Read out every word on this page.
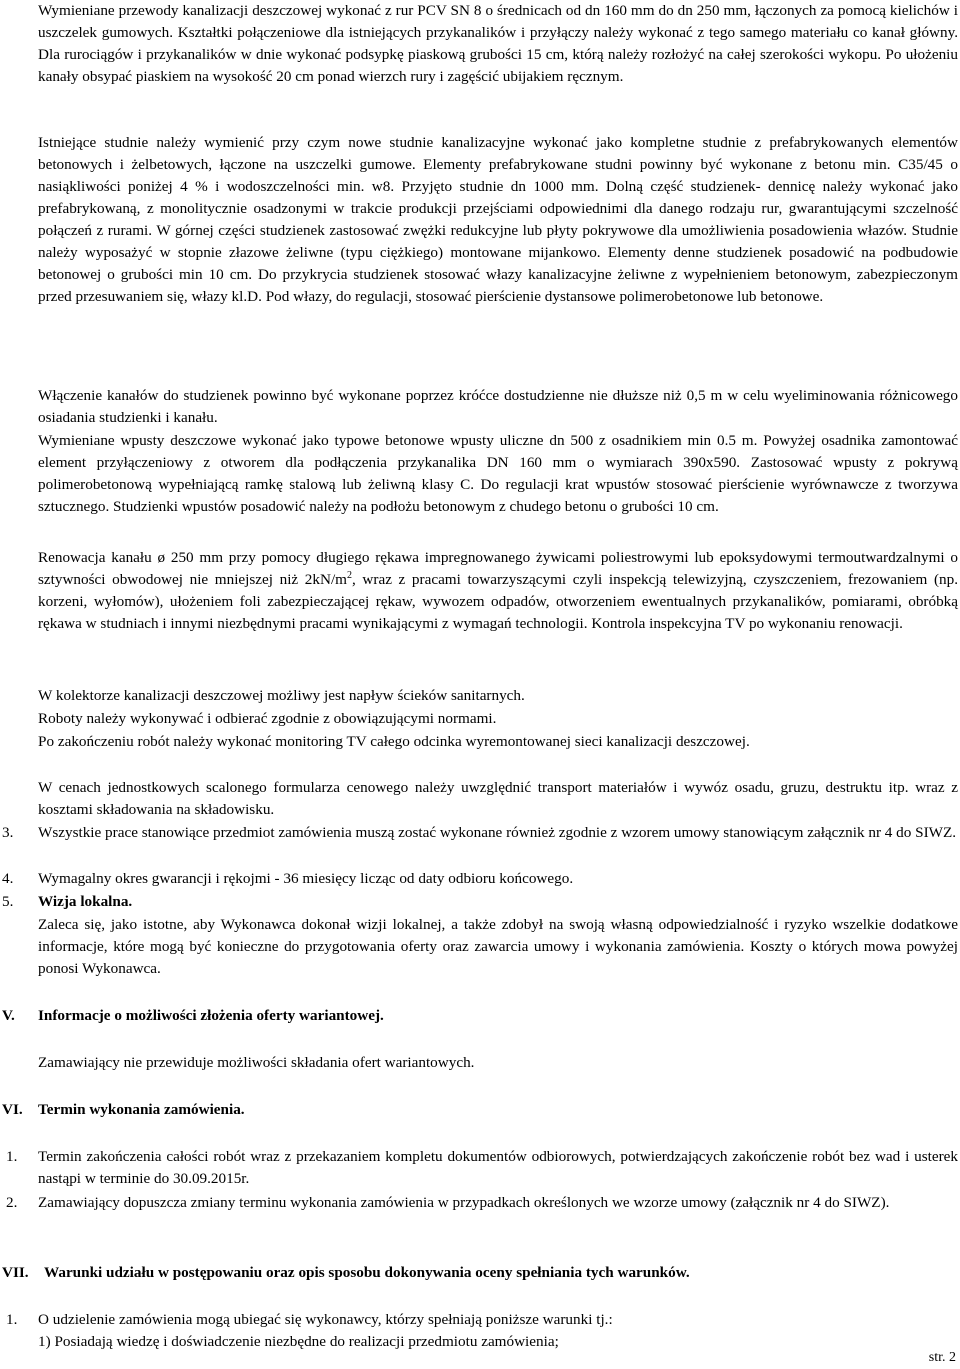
Wymieniane przewody kanalizacji deszczowej wykonać z rur PCV SN 8 o średnicach od dn 160 mm do dn 250 mm, łączonych za pomocą kielichów i uszczelek gumowych. Kształtki połączeniowe dla istniejących przykanalików i przyłączy należy wykonać z tego samego materiału co kanał główny. Dla rurociągów i przykanalików w dnie wykonać podsypkę piaskową grubości 15 cm, którą należy rozłożyć na całej szerokości wykopu. Po ułożeniu kanały obsypać piaskiem na wysokość 20 cm ponad wierzch rury i zagęścić ubijakiem ręcznym.

Istniejące studnie należy wymienić przy czym nowe studnie kanalizacyjne wykonać jako kompletne studnie z prefabrykowanych elementów betonowych i żelbetowych, łączone na uszczelki gumowe. Elementy prefabrykowane studni powinny być wykonane z betonu min. C35/45 o nasiąkliwości poniżej 4 % i wodoszczelności min. w8. Przyjęto studnie dn 1000 mm. Dolną część studzienek- dennicę należy wykonać jako prefabrykowaną, z monolitycznie osadzonymi w trakcie produkcji przejściami odpowiednimi dla danego rodzaju rur, gwarantującymi szczelność połączeń z rurami. W górnej części studzienek zastosować zwężki redukcyjne lub płyty pokrywowe dla umożliwienia posadowienia włazów. Studnie należy wyposażyć w stopnie złazowe żeliwne (typu ciężkiego) montowane mijankowo. Elementy denne studzienek posadowić na podbudowie betonowej o grubości min 10 cm. Do przykrycia studzienek stosować włazy kanalizacyjne żeliwne z wypełnieniem betonowym, zabezpieczonym przed przesuwaniem się, włazy kl.D. Pod włazy, do regulacji, stosować pierścienie dystansowe polimerobetonowe lub betonowe.

Włączenie kanałów do studzienek powinno być wykonane poprzez króćce dostudzienne nie dłuższe niż 0,5 m w celu wyeliminowania różnicowego osiadania studzienki i kanału.

Wymieniane wpusty deszczowe wykonać jako typowe betonowe wpusty uliczne dn 500 z osadnikiem min 0.5 m. Powyżej osadnika zamontować element przyłączeniowy z otworem dla podłączenia przykanalika DN 160 mm o wymiarach 390x590. Zastosować wpusty z pokrywą polimerobetonową wypełniającą ramkę stalową lub żeliwną klasy C. Do regulacji krat wpustów stosować pierścienie wyrównawcze z tworzywa sztucznego. Studzienki wpustów posadowić należy na podłożu betonowym z chudego betonu o grubości 10 cm.

Renowacja kanału ø 250 mm przy pomocy długiego rękawa impregnowanego żywicami poliestrowymi lub epoksydowymi termoutwardzalnymi o sztywności obwodowej nie mniejszej niż $2kN/m^2$, wraz z pracami towarzyszącymi czyli inspekcją telewizyjną, czyszczeniem, frezowaniem (np. korzeni, wyłomów), ułożeniem foli zabezpieczającej rękaw, wywozem odpadów, otworzeniem ewentualnych przykanalików, pomiarami, obróbką rękawa w studniach i innymi niezbędnymi pracami wynikającymi z wymagań technologii. Kontrola inspekcyjna TV po wykonaniu renowacji.

W kolektorze kanalizacji deszczowej możliwy jest napływ ścieków sanitarnych.

Roboty należy wykonywać i odbierać zgodnie z obowiązującymi normami.

Po zakończeniu robót należy wykonać monitoring TV całego odcinka wyremontowanej sieci kanalizacji deszczowej.

W cenach jednostkowych scalonego formularza cenowego należy uwzględnić transport materiałów i wywóz osadu, gruzu, destruktu itp. wraz z kosztami składowania na składowisku.

3.	Wszystkie prace stanowiące przedmiot zamówienia muszą zostać wykonane również zgodnie z wzorem umowy stanowiącym załącznik nr 4 do SIWZ.

4.	Wymagalny okres gwarancji i rękojmi - 36 miesięcy licząc od daty odbioru końcowego.

5.	Wizja lokalna.

Zaleca się, jako istotne, aby Wykonawca dokonał wizji lokalnej, a także zdobył na swoją własną odpowiedzialność i ryzyko wszelkie dodatkowe informacje, które mogą być konieczne do przygotowania oferty oraz zawarcia umowy i wykonania zamówienia. Koszty o których mowa powyżej ponosi Wykonawca.

V.	Informacje o możliwości złożenia oferty wariantowej.

Zamawiający nie przewiduje możliwości składania ofert wariantowych.

VI.	Termin wykonania zamówienia.

1.	Termin zakończenia całości robót wraz z przekazaniem kompletu dokumentów odbiorowych, potwierdzających zakończenie robót bez wad i usterek nastąpi w terminie do 30.09.2015r.

2.	Zamawiający dopuszcza zmiany terminu wykonania zamówienia w przypadkach określonych we wzorze umowy (załącznik nr 4 do SIWZ).

VII.	Warunki udziału w postępowaniu oraz opis sposobu dokonywania oceny spełniania tych warunków.

1.	O udzielenie zamówienia mogą ubiegać się wykonawcy, którzy spełniają poniższe warunki tj.:

1) Posiadają wiedzę i doświadczenie niezbędne do realizacji przedmiotu zamówienia;

str. 2
